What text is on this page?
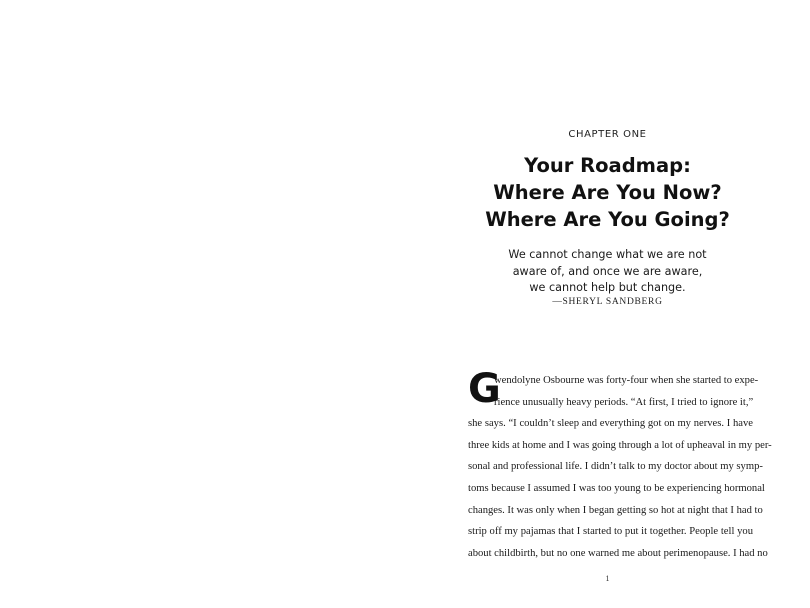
CHAPTER ONE
Your Roadmap:
Where Are You Now?
Where Are You Going?
We cannot change what we are not
aware of, and once we are aware,
we cannot help but change.
—SHERYL SANDBERG
G
wendolyne Osbourne was forty-four when she started to expe-
rience unusually heavy periods. “At first, I tried to ignore it,”
she says. “I couldn’t sleep and everything got on my nerves. I have
three kids at home and I was going through a lot of upheaval in my per-
sonal and professional life. I didn’t talk to my doctor about my symp-
toms because I assumed I was too young to be experiencing hormonal
changes. It was only when I began getting so hot at night that I had to
strip off my pajamas that I started to put it together. People tell you
about childbirth, but no one warned me about perimenopause. I had no
1
